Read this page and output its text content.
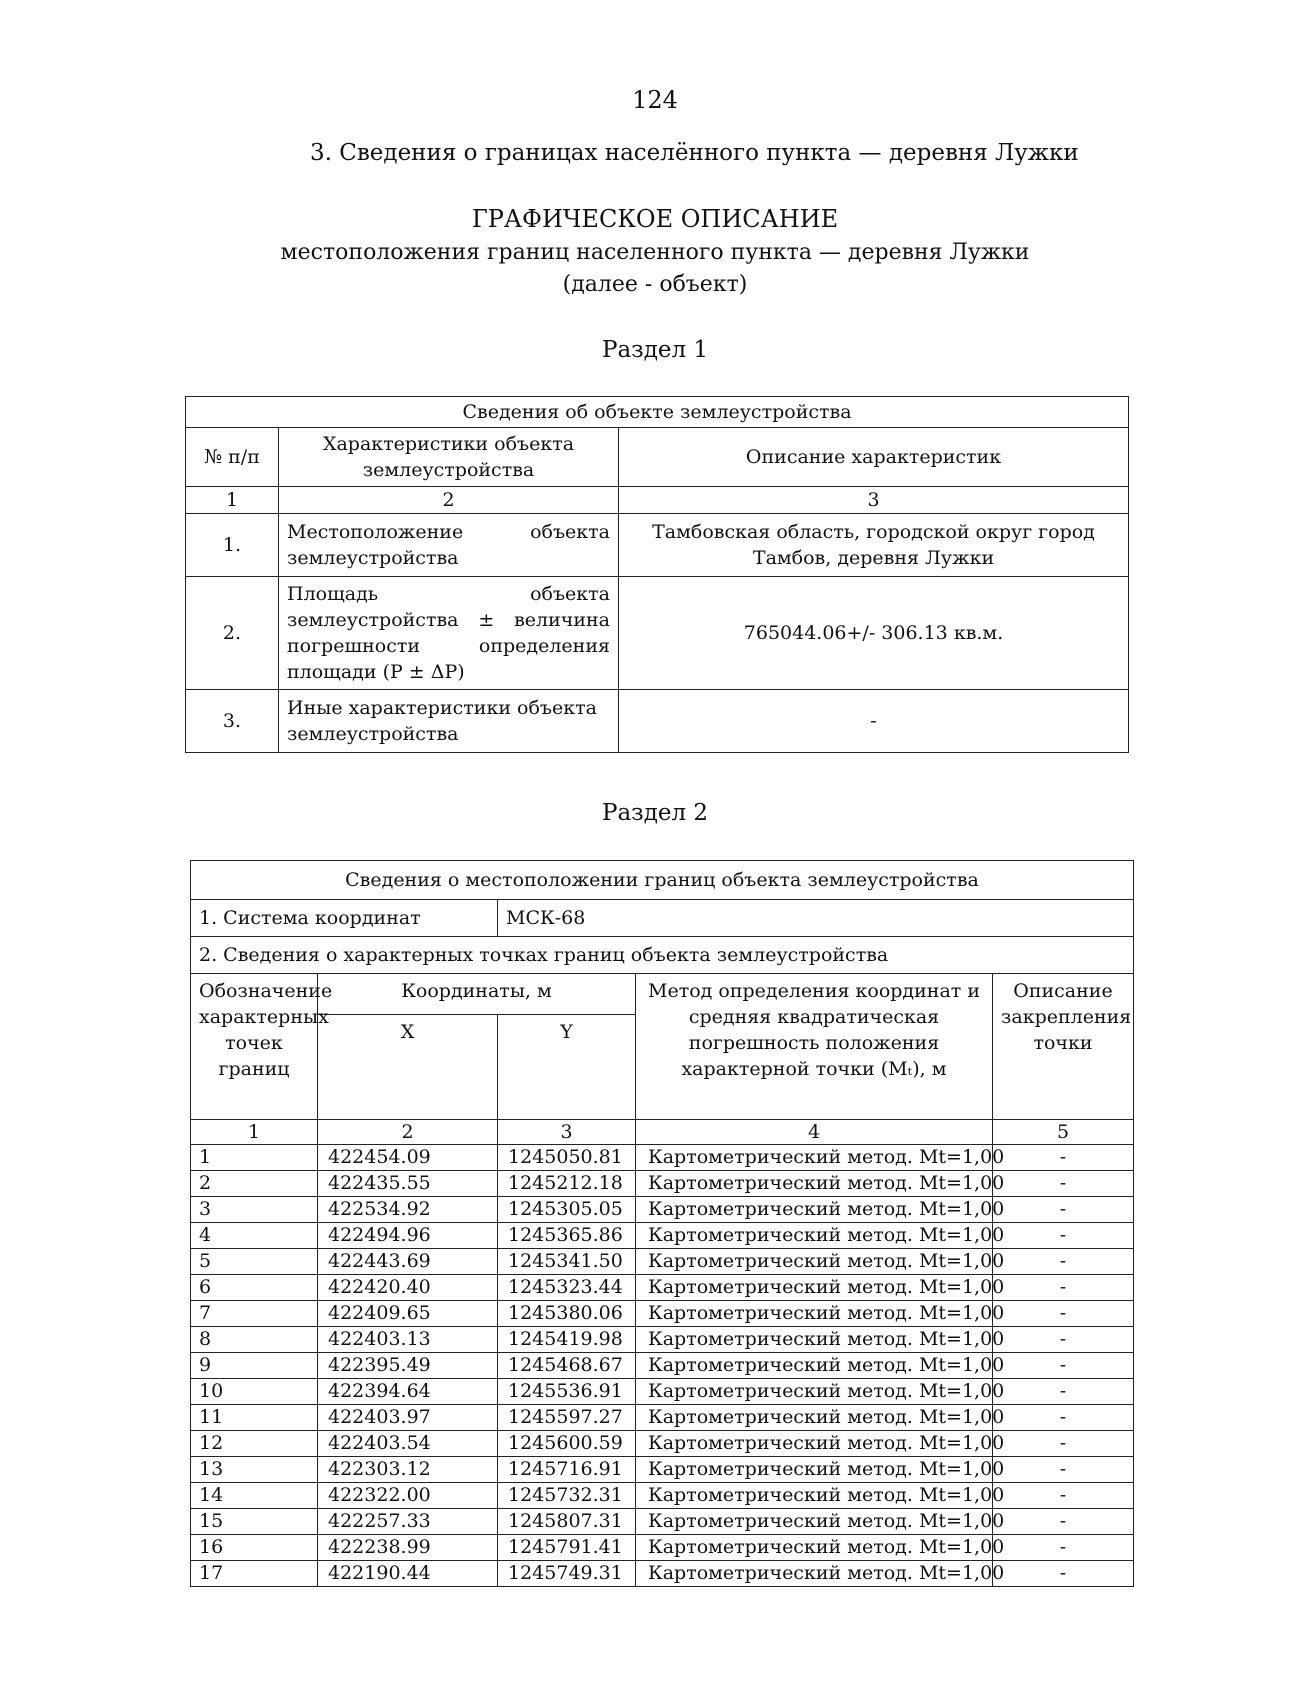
124
3. Сведения о границах населённого пункта — деревня Лужки
ГРАФИЧЕСКОЕ ОПИСАНИЕ
местоположения границ населенного пункта — деревня Лужки
(далее - объект)
Раздел 1
Сведения об объекте землеустройства		
№ п/п	Характеристики объекта землеустройства	Описание характеристик
1	2	3
1.	Местоположение объекта землеустройства	Тамбовская область, городской округ город Тамбов, деревня Лужки
2.	Площадь объекта землеустройства ± величина погрешности определения площади (P ± ΔP)	765044.06+/- 306.13 кв.м.
3.	Иные характеристики объекта землеустройства	-
Раздел 2
Сведения о местоположении границ объекта землеустройства				
1. Система координат		МСК-68		
2. Сведения о характерных точках границ объекта землеустройства				
Обозначение характерных точек границ	Координаты, м		Метод определения координат и средняя квадратическая погрешность положения характерной точки (Mₜ), м	Описание закрепления точки
	X	Y		
1	2	3	4	5
1	422454.09	1245050.81	Картометрический метод. Mt=1,00	-
2	422435.55	1245212.18	Картометрический метод. Mt=1,00	-
3	422534.92	1245305.05	Картометрический метод. Mt=1,00	-
4	422494.96	1245365.86	Картометрический метод. Mt=1,00	-
5	422443.69	1245341.50	Картометрический метод. Mt=1,00	-
6	422420.40	1245323.44	Картометрический метод. Mt=1,00	-
7	422409.65	1245380.06	Картометрический метод. Mt=1,00	-
8	422403.13	1245419.98	Картометрический метод. Mt=1,00	-
9	422395.49	1245468.67	Картометрический метод. Mt=1,00	-
10	422394.64	1245536.91	Картометрический метод. Mt=1,00	-
11	422403.97	1245597.27	Картометрический метод. Mt=1,00	-
12	422403.54	1245600.59	Картометрический метод. Mt=1,00	-
13	422303.12	1245716.91	Картометрический метод. Mt=1,00	-
14	422322.00	1245732.31	Картометрический метод. Mt=1,00	-
15	422257.33	1245807.31	Картометрический метод. Mt=1,00	-
16	422238.99	1245791.41	Картометрический метод. Mt=1,00	-
17	422190.44	1245749.31	Картометрический метод. Mt=1,00	-
